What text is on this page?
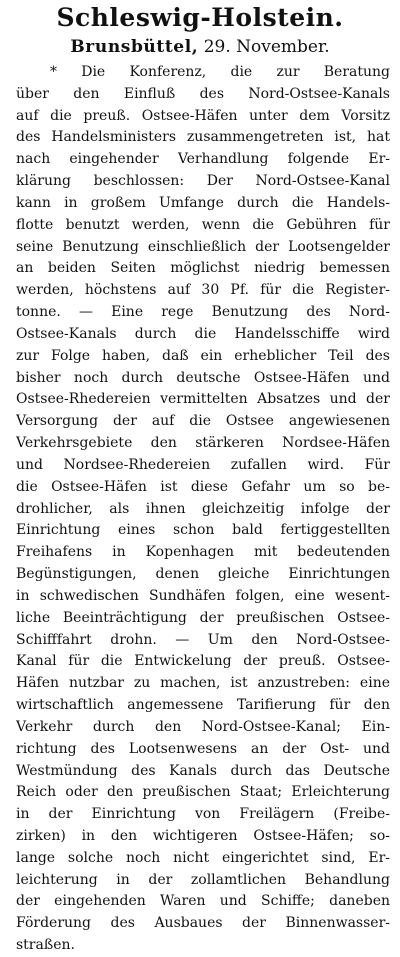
Schleswig-Holstein.
Brunsbüttel, 29. November.
* Die Konferenz, die zur Beratung
über den Einfluß des Nord-Ostsee-Kanals
auf die preuß. Ostsee-Häfen unter dem Vorsitz
des Handelsministers zusammengetreten ist, hat
nach eingehender Verhandlung folgende Er-
klärung beschlossen: Der Nord-Ostsee-Kanal
kann in großem Umfange durch die Handels-
flotte benutzt werden, wenn die Gebühren für
seine Benutzung einschließlich der Lootsengelder
an beiden Seiten möglichst niedrig bemessen
werden, höchstens auf 30 Pf. für die Register-
tonne. — Eine rege Benutzung des Nord-
Ostsee-Kanals durch die Handelsschiffe wird
zur Folge haben, daß ein erheblicher Teil des
bisher noch durch deutsche Ostsee-Häfen und
Ostsee-Rhedereien vermittelten Absatzes und der
Versorgung der auf die Ostsee angewiesenen
Verkehrsgebiete den stärkeren Nordsee-Häfen
und Nordsee-Rhedereien zufallen wird. Für
die Ostsee-Häfen ist diese Gefahr um so be-
drohlicher, als ihnen gleichzeitig infolge der
Einrichtung eines schon bald fertiggestellten
Freihafens in Kopenhagen mit bedeutenden
Begünstigungen, denen gleiche Einrichtungen
in schwedischen Sundhäfen folgen, eine wesent-
liche Beeinträchtigung der preußischen Ostsee-
Schifffahrt drohn. — Um den Nord-Ostsee-
Kanal für die Entwickelung der preuß. Ostsee-
Häfen nutzbar zu machen, ist anzustreben: eine
wirtschaftlich angemessene Tarifierung für den
Verkehr durch den Nord-Ostsee-Kanal; Ein-
richtung des Lootsenwesens an der Ost- und
Westmündung des Kanals durch das Deutsche
Reich oder den preußischen Staat; Erleichterung
in der Einrichtung von Freilägern (Freibe-
zirken) in den wichtigeren Ostsee-Häfen; so-
lange solche noch nicht eingerichtet sind, Er-
leichterung in der zollamtlichen Behandlung
der eingehenden Waren und Schiffe; daneben
Förderung des Ausbaues der Binnenwasser-
straßen.
